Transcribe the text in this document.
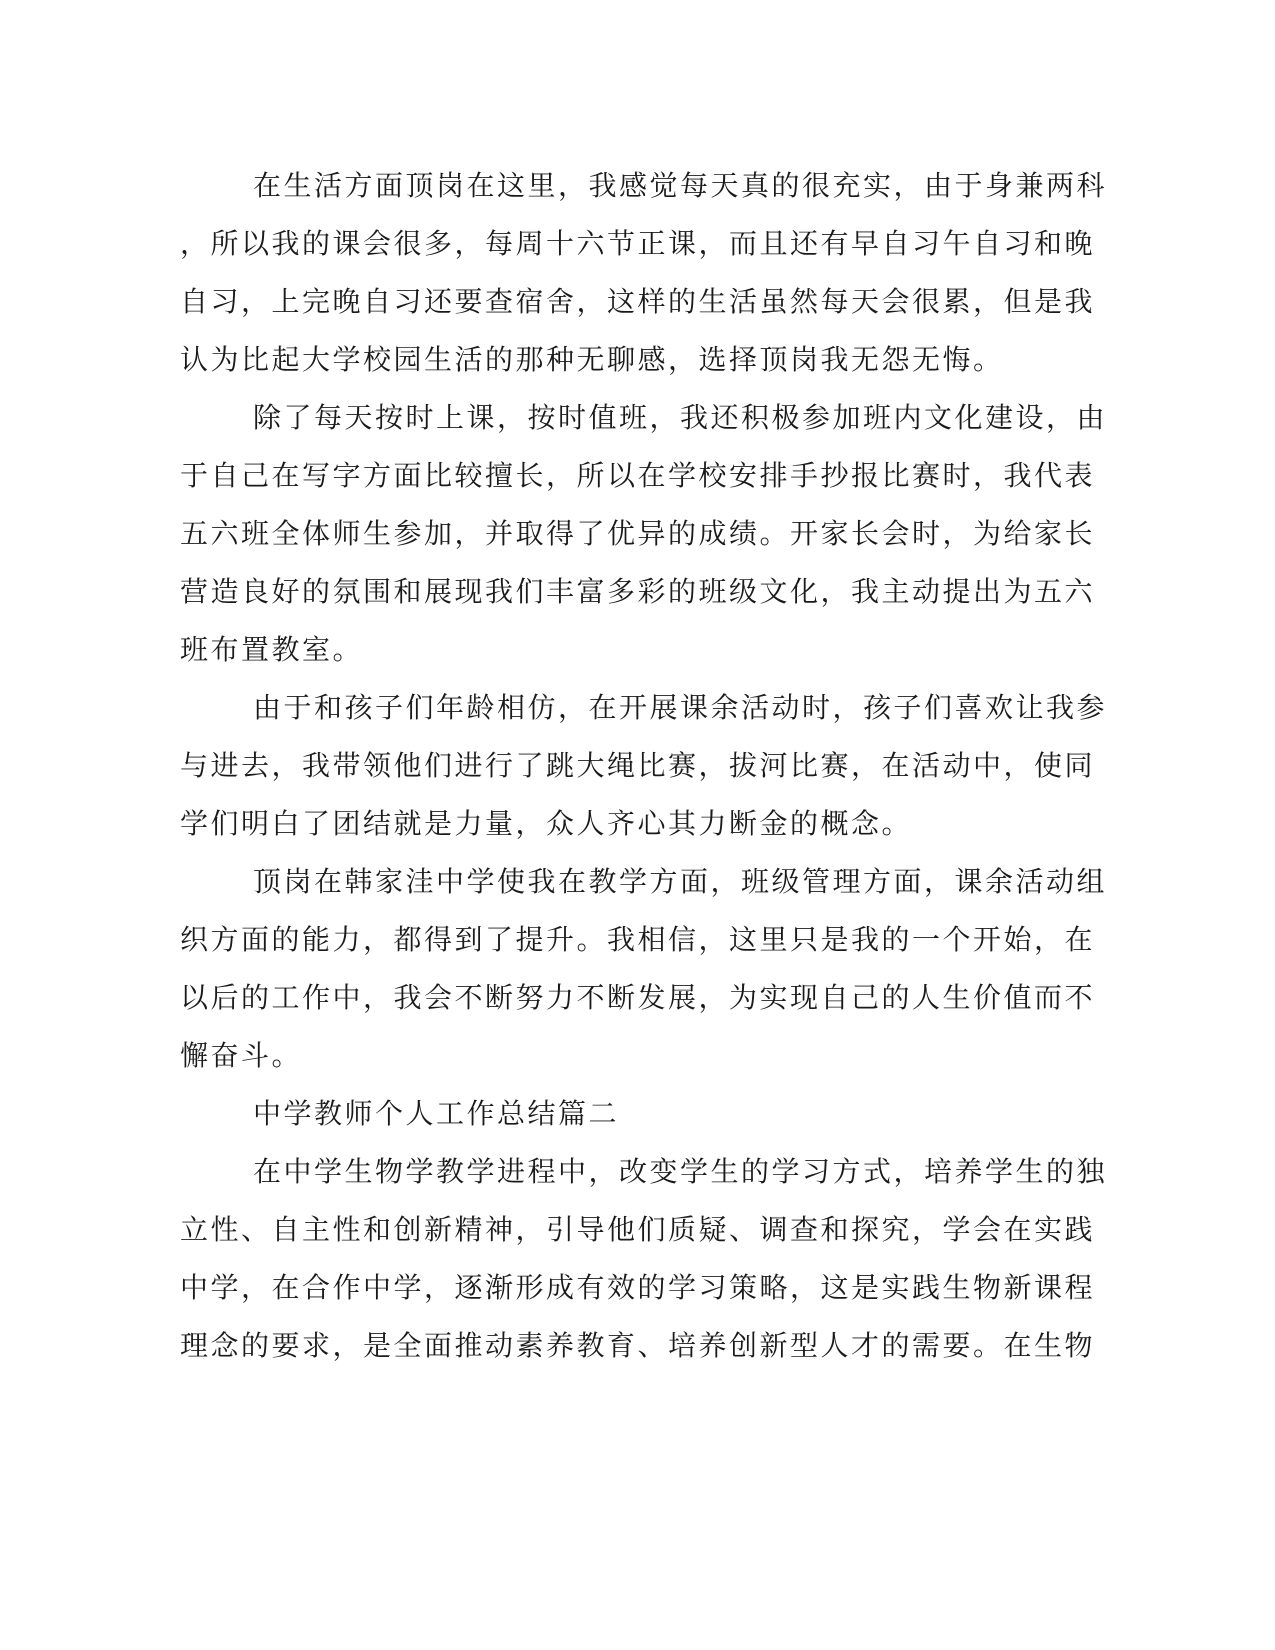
在生活方面顶岗在这里，我感觉每天真的很充实，由于身兼两科
，所以我的课会很多，每周十六节正课，而且还有早自习午自习和晚
自习，上完晚自习还要查宿舍，这样的生活虽然每天会很累，但是我
认为比起大学校园生活的那种无聊感，选择顶岗我无怨无悔。
除了每天按时上课，按时值班，我还积极参加班内文化建设，由
于自己在写字方面比较擅长，所以在学校安排手抄报比赛时，我代表
五六班全体师生参加，并取得了优异的成绩。开家长会时，为给家长
营造良好的氛围和展现我们丰富多彩的班级文化，我主动提出为五六
班布置教室。
由于和孩子们年龄相仿，在开展课余活动时，孩子们喜欢让我参
与进去，我带领他们进行了跳大绳比赛，拔河比赛，在活动中，使同
学们明白了团结就是力量，众人齐心其力断金的概念。
顶岗在韩家洼中学使我在教学方面，班级管理方面，课余活动组
织方面的能力，都得到了提升。我相信，这里只是我的一个开始，在
以后的工作中，我会不断努力不断发展，为实现自己的人生价值而不
懈奋斗。
中学教师个人工作总结篇二
在中学生物学教学进程中，改变学生的学习方式，培养学生的独
立性、自主性和创新精神，引导他们质疑、调查和探究，学会在实践
中学，在合作中学，逐渐形成有效的学习策略，这是实践生物新课程
理念的要求，是全面推动素养教育、培养创新型人才的需要。在生物
